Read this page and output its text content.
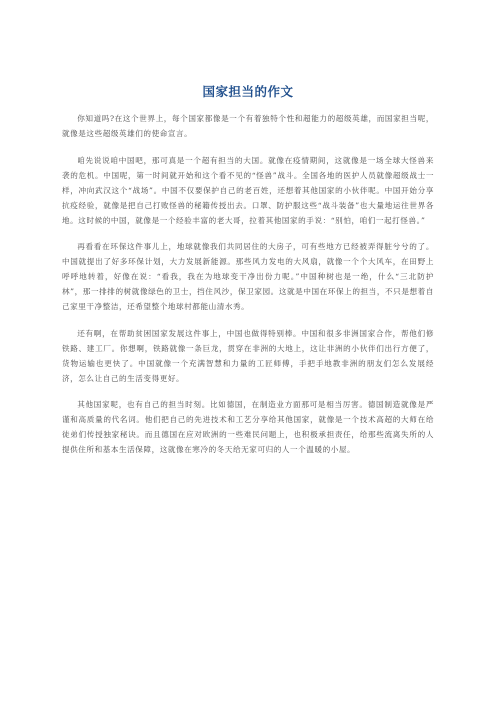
国家担当的作文

你知道吗?在这个世界上，每个国家都像是一个有着独特个性和超能力的超级英雄，而国家担当呢，就像是这些超级英雄们的使命宣言。

咱先说说咱中国吧，那可真是一个超有担当的大国。就像在疫情期间，这就像是一场全球大怪兽来袭的危机。中国呢，第一时间就开始和这个看不见的“怪兽”战斗。全国各地的医护人员就像超级战士一样，冲向武汉这个“战场”。中国不仅要保护自己的老百姓，还想着其他国家的小伙伴呢。中国开始分享抗疫经验，就像是把自己打败怪兽的秘籍传授出去。口罩、防护服这些“战斗装备”也大量地运往世界各地。这时候的中国，就像是一个经验丰富的老大哥，拉着其他国家的手说：“别怕，咱们一起打怪兽。”

再看看在环保这件事儿上，地球就像我们共同居住的大房子，可有些地方已经被弄得脏兮兮的了。中国就提出了好多环保计划，大力发展新能源。那些风力发电的大风扇，就像一个个大风车，在田野上呼呼地转着，好像在说：“看我，我在为地球变干净出份力呢。”中国种树也是一绝，什么“三北防护林”，那一排排的树就像绿色的卫士，挡住风沙，保卫家园。这就是中国在环保上的担当，不只是想着自己家里干净整洁，还希望整个地球村都能山清水秀。

还有啊，在帮助贫困国家发展这件事上，中国也做得特别棒。中国和很多非洲国家合作，帮他们修铁路、建工厂。你想啊，铁路就像一条巨龙，贯穿在非洲的大地上，这让非洲的小伙伴们出行方便了，货物运输也更快了。中国就像一个充满智慧和力量的工匠师傅，手把手地教非洲的朋友们怎么发展经济，怎么让自己的生活变得更好。

其他国家呢，也有自己的担当时刻。比如德国，在制造业方面那可是相当厉害。德国制造就像是严谨和高质量的代名词。他们把自己的先进技术和工艺分享给其他国家，就像是一个技术高超的大师在给徒弟们传授独家秘诀。而且德国在应对欧洲的一些难民问题上，也积极承担责任，给那些流离失所的人提供住所和基本生活保障，这就像在寒冷的冬天给无家可归的人一个温暖的小屋。
